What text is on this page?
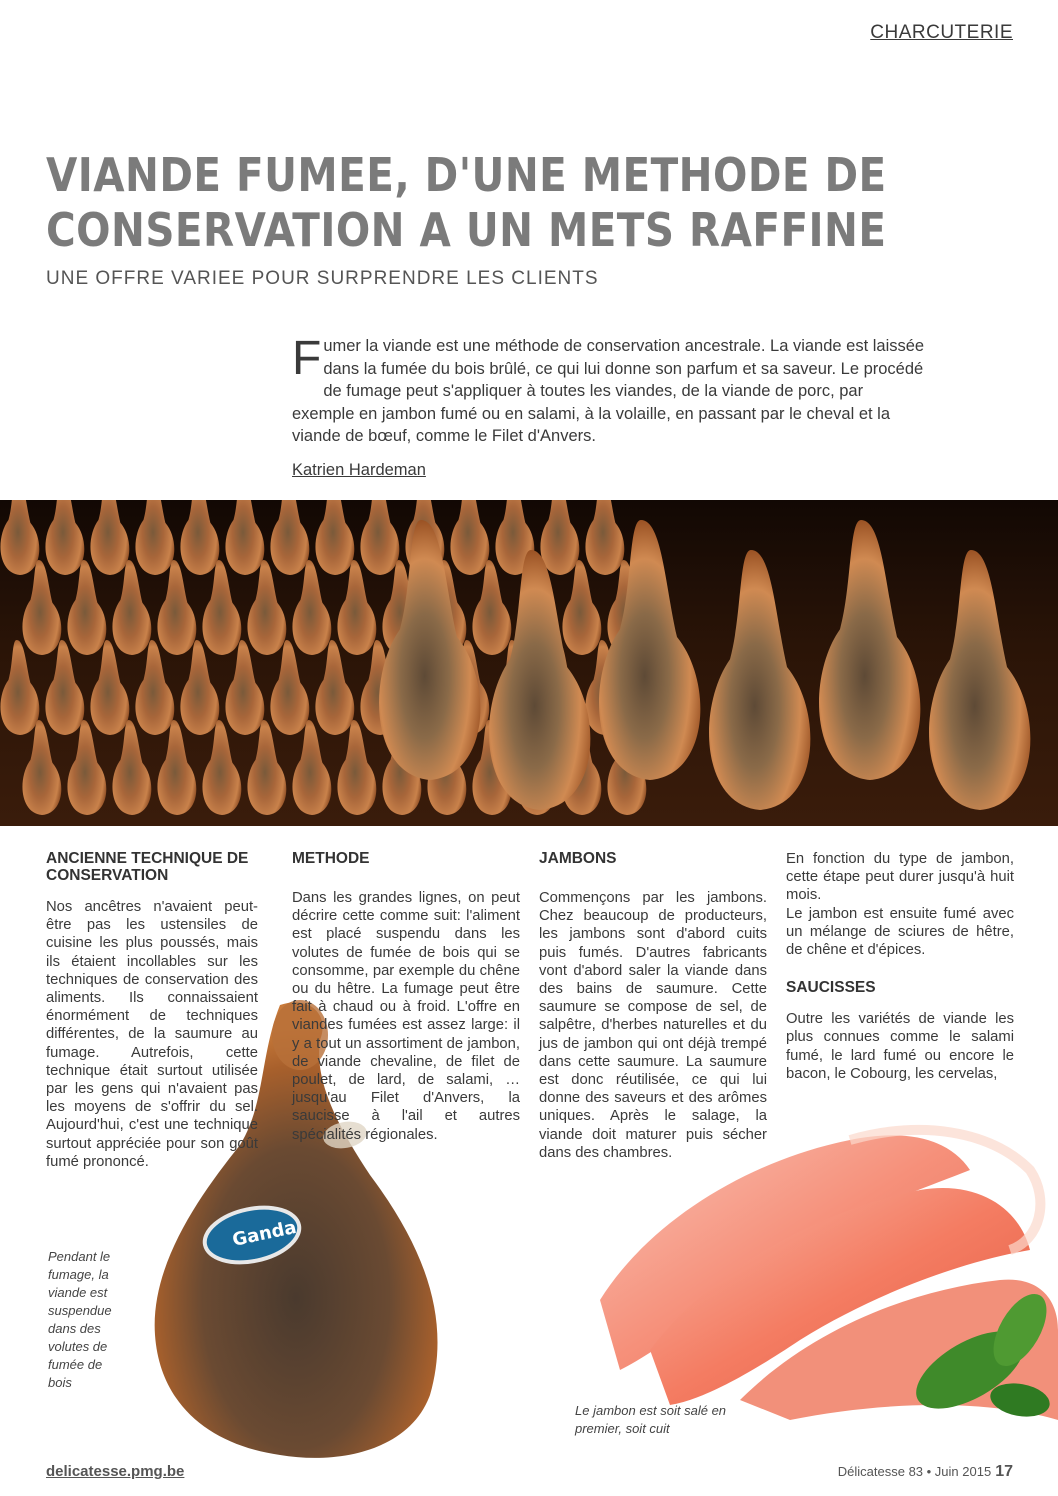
CHARCUTERIE
VIANDE FUMEE, D'UNE METHODE DE CONSERVATION A UN METS RAFFINE
UNE OFFRE VARIEE POUR SURPRENDRE LES CLIENTS
Fumer la viande est une méthode de conservation ancestrale. La viande est laissée dans la fumée du bois brûlé, ce qui lui donne son parfum et sa saveur. Le procédé de fumage peut s'appliquer à toutes les viandes, de la viande de porc, par exemple en jambon fumé ou en salami, à la volaille, en passant par le cheval et la viande de bœuf, comme le Filet d'Anvers.
Katrien Hardeman
Ganda
ANCIENNE TECHNIQUE DE CONSERVATION

Nos ancêtres n'avaient peut-être pas les ustensiles de cuisine les plus poussés, mais ils étaient incollables sur les techniques de conservation des aliments. Ils connaissaient énormément de techniques différentes, de la saumure au fumage. Autrefois, cette technique était surtout utilisée par les gens qui n'avaient pas les moyens de s'offrir du sel. Aujourd'hui, c'est une technique surtout appréciée pour son goût fumé prononcé.

METHODE

Dans les grandes lignes, on peut décrire cette comme suit: l'aliment est placé suspendu dans les volutes de fumée de bois qui se consomme, par exemple du chêne ou du hêtre. La fumage peut être fait à chaud ou à froid. L'offre en viandes fumées est assez large: il y a tout un assortiment de jambon, de viande chevaline, de filet de poulet, de lard, de salami, … jusqu'au Filet d'Anvers, la saucisse à l'ail et autres spécialités régionales.

JAMBONS

Commençons par les jambons. Chez beaucoup de producteurs, les jambons sont d'abord cuits puis fumés. D'autres fabricants vont d'abord saler la viande dans des bains de saumure. Cette saumure se compose de sel, de salpêtre, d'herbes naturelles et du jus de jambon qui ont déjà trempé dans cette saumure. La saumure est donc réutilisée, ce qui lui donne des saveurs et des arômes uniques. Après le salage, la viande doit maturer puis sécher dans des chambres.

En fonction du type de jambon, cette étape peut durer jusqu'à huit mois.

Le jambon est ensuite fumé avec un mélange de sciures de hêtre, de chêne et d'épices.

SAUCISSES

Outre les variétés de viande les plus connues comme le salami fumé, le lard fumé ou encore le bacon, le Cobourg, les cervelas,

Pendant le fumage, la viande est suspendue dans des volutes de fumée de bois
Le jambon est soit salé en premier, soit cuit
delicatesse.pmg.be	Délicatesse 83 • Juin 2015 17
